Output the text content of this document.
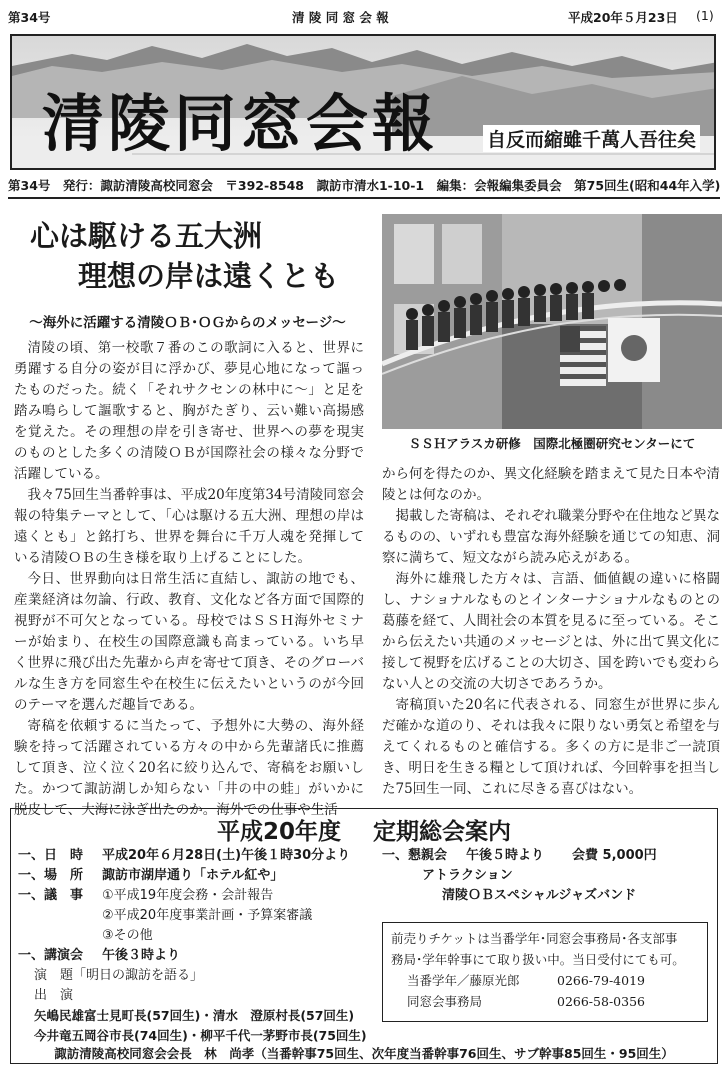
第34号	清 陵 同 窓 会 報	平成20年５月23日 (1)
清陵同窓会報	自反而縮雖千萬人吾往矣
第34号　発行：諏訪清陵高校同窓会　〒392-8548　諏訪市清水1-10-1　編集：会報編集委員会　第75回生(昭和44年入学)
心は駆ける五大洲
理想の岸は遠くとも
～海外に活躍する清陵ＯＢ･ＯＧからのメッセージ～

清陵の頃、第一校歌７番のこの歌詞に入ると、世界に勇躍する自分の姿が目に浮かび、夢見心地になって謳ったものだった。続く「それサクセンの林中に～」と足を踏み鳴らして謳歌すると、胸がたぎり、云い難い高揚感を覚えた。その理想の岸を引き寄せ、世界への夢を現実のものとした多くの清陵ＯＢが国際社会の様々な分野で活躍している。

我々75回生当番幹事は、平成20年度第34号清陵同窓会報の特集テーマとして、「心は駆ける五大洲、理想の岸は遠くとも」と銘打ち、世界を舞台に千万人魂を発揮している清陵ＯＢの生き様を取り上げることにした。

今日、世界動向は日常生活に直結し、諏訪の地でも、産業経済は勿論、行政、教育、文化など各方面で国際的視野が不可欠となっている。母校ではＳＳＨ海外セミナーが始まり、在校生の国際意識も高まっている。いち早く世界に飛び出た先輩から声を寄せて頂き、そのグローバルな生き方を同窓生や在校生に伝えたいというのが今回のテーマを選んだ趣旨である。

寄稿を依頼するに当たって、予想外に大勢の、海外経験を持って活躍されている方々の中から先輩諸氏に推薦して頂き、泣く泣く20名に絞り込んで、寄稿をお願いした。かつて諏訪湖しか知らない「井の中の蛙」がいかに脱皮して、大海に泳ぎ出たのか。海外での仕事や生活

ＳＳＨアラスカ研修　国際北極圏研究センターにて

から何を得たのか、異文化経験を踏まえて見た日本や清陵とは何なのか。

掲載した寄稿は、それぞれ職業分野や在住地など異なるものの、いずれも豊富な海外経験を通じての知恵、洞察に満ちて、短文ながら読み応えがある。

海外に雄飛した方々は、言語、価値観の違いに格闘し、ナショナルなものとインターナショナルなものとの葛藤を経て、人間社会の本質を見るに至っている。そこから伝えたい共通のメッセージとは、外に出て異文化に接して視野を広げることの大切さ、国を跨いでも変わらない人との交流の大切さであろうか。

寄稿頂いた20名に代表される、同窓生が世界に歩んだ確かな道のり、それは我々に限りない勇気と希望を与えてくれるものと確信する。多くの方に是非ご一読頂き、明日を生きる糧として頂ければ、今回幹事を担当した75回生一同、これに尽きる喜びはない。

平成20年度 定期総会案内
一、日　時 平成20年６月28日(土)午後１時30分より
一、場　所 諏訪市湖岸通り「ホテル紅や」
一、議　事 ①平成19年度会務・会計報告
②平成20年度事業計画・予算案審議
③その他
一、講演会 午後３時より
演　題「明日の諏訪を語る」
出　演
矢嶋民雄富士見町長(57回生)・清水　澄原村長(57回生)
今井竜五岡谷市長(74回生)・柳平千代一茅野市長(75回生)
一、懇親会 午後５時より 会費 5,000円
アトラクション
清陵ＯＢスペシャルジャズバンド
前売りチケットは当番学年･同窓会事務局･各支部事
務局･学年幹事にて取り扱い中。当日受付にても可。
当番学年／藤原光郎	0266-79-4019
同窓会事務局	0266-58-0356
諏訪清陵高校同窓会会長　林　尚孝（当番幹事75回生、次年度当番幹事76回生、サブ幹事85回生・95回生）
